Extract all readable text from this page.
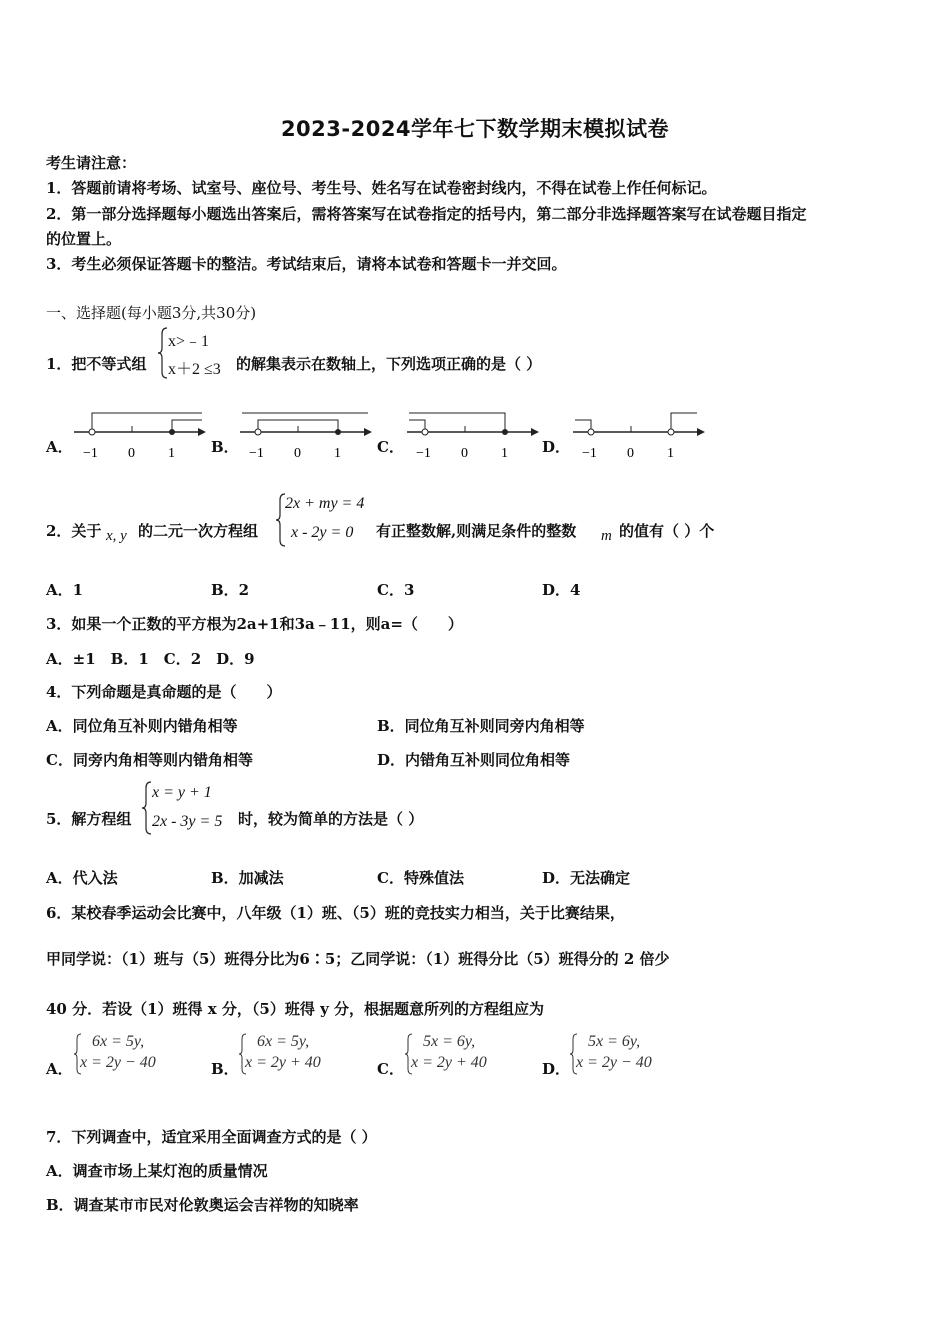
2023-2024学年七下数学期末模拟试卷
考生请注意：
1．答题前请将考场、试室号、座位号、考生号、姓名写在试卷密封线内，不得在试卷上作任何标记。
2．第一部分选择题每小题选出答案后，需将答案写在试卷指定的括号内，第二部分非选择题答案写在试卷题目指定
的位置上。
3．考生必须保证答题卡的整洁。考试结束后，请将本试卷和答题卡一并交回。
一、选择题(每小题3分,共30分)
1．把不等式组
x>﹣1
x＋2 ≤3 的解集表示在数轴上，下列选项正确的是（ ）
A．	B．	C．	D．
−1 0 1	−1 0 1	−1 0 1	−1 0 1
2．关于 x, y 的二元一次方程组
2x + my = 4
x - 2y = 0 有正整数解,则满足条件的整数 m 的值有（ ）个
A．1	B．2	C．3	D．4
3．如果一个正数的平方根为2a+1和3a﹣11，则a=（　　）
A．±1　B．1　C．2　D．9
4．下列命题是真命题的是（　　）
A．同位角互补则内错角相等	B．同位角互补则同旁内角相等
C．同旁内角相等则内错角相等	D．内错角互补则同位角相等
5．解方程组
x = y + 1
2x - 3y = 5 时，较为简单的方法是（ ）
A．代入法	B．加减法	C．特殊值法	D．无法确定
6．某校春季运动会比赛中，八年级（1）班、（5）班的竞技实力相当，关于比赛结果，
甲同学说：（1）班与（5）班得分比为6∶5；乙同学说：（1）班得分比（5）班得分的 2 倍少
40 分．若设（1）班得 x 分，（5）班得 y 分，根据题意所列的方程组应为
A．	B．	C．	D．
6x = 5y,
x = 2y − 40
6x = 5y,
x = 2y + 40
5x = 6y,
x = 2y + 40
5x = 6y,
x = 2y − 40
7．下列调查中，适宜采用全面调查方式的是（ ）
A．调查市场上某灯泡的质量情况
B．调查某市市民对伦敦奥运会吉祥物的知晓率
